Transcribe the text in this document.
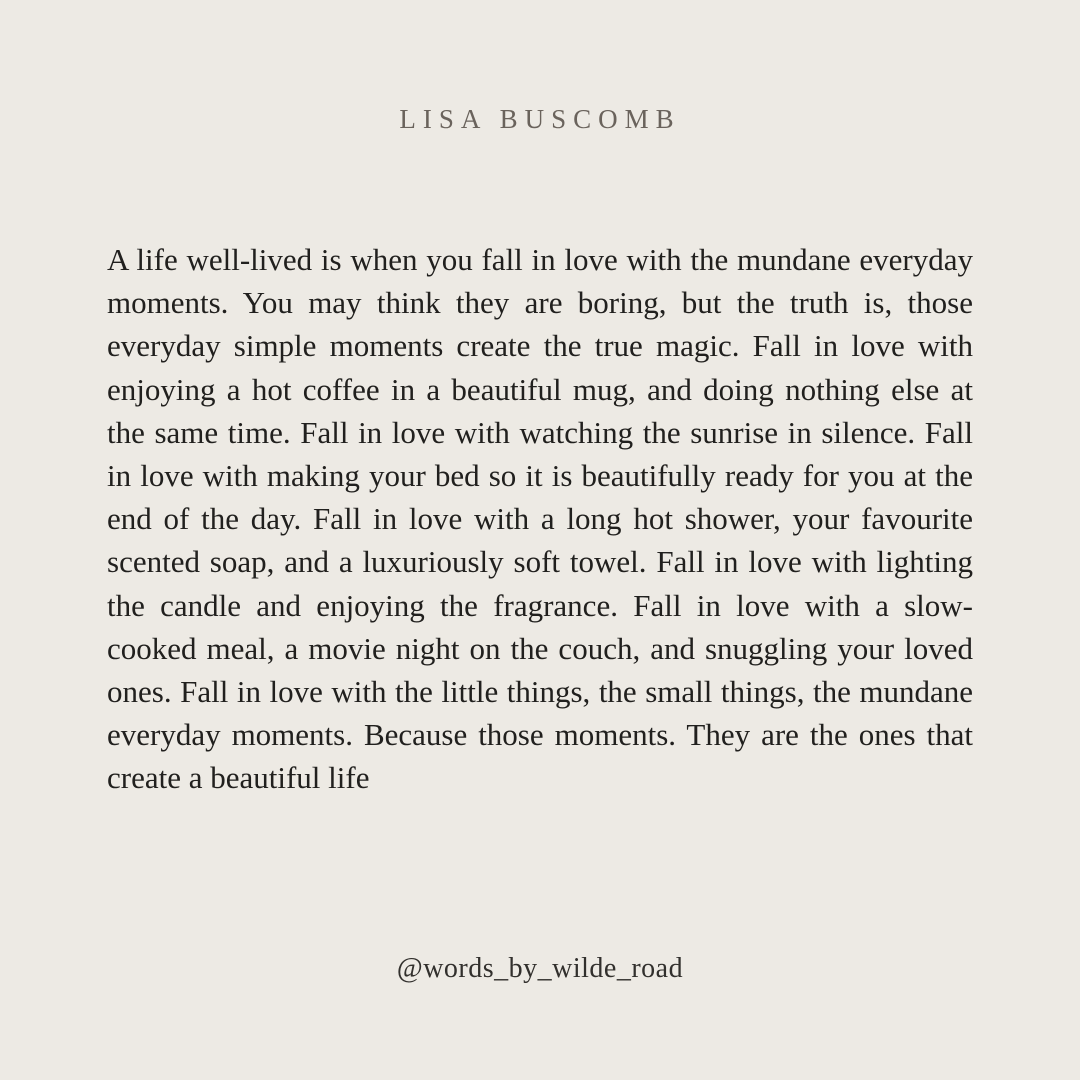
LISA BUSCOMB

A life well-lived is when you fall in love with the mundane everyday moments. You may think they are boring, but the truth is, those everyday simple moments create the true magic. Fall in love with enjoying a hot coffee in a beautiful mug, and doing nothing else at the same time. Fall in love with watching the sunrise in silence. Fall in love with making your bed so it is beautifully ready for you at the end of the day. Fall in love with a long hot shower, your favourite scented soap, and a luxuriously soft towel. Fall in love with lighting the candle and enjoying the fragrance. Fall in love with a slow-cooked meal, a movie night on the couch, and snuggling your loved ones. Fall in love with the little things, the small things, the mundane everyday moments. Because those moments. They are the ones that create a beautiful life

@words_by_wilde_road
